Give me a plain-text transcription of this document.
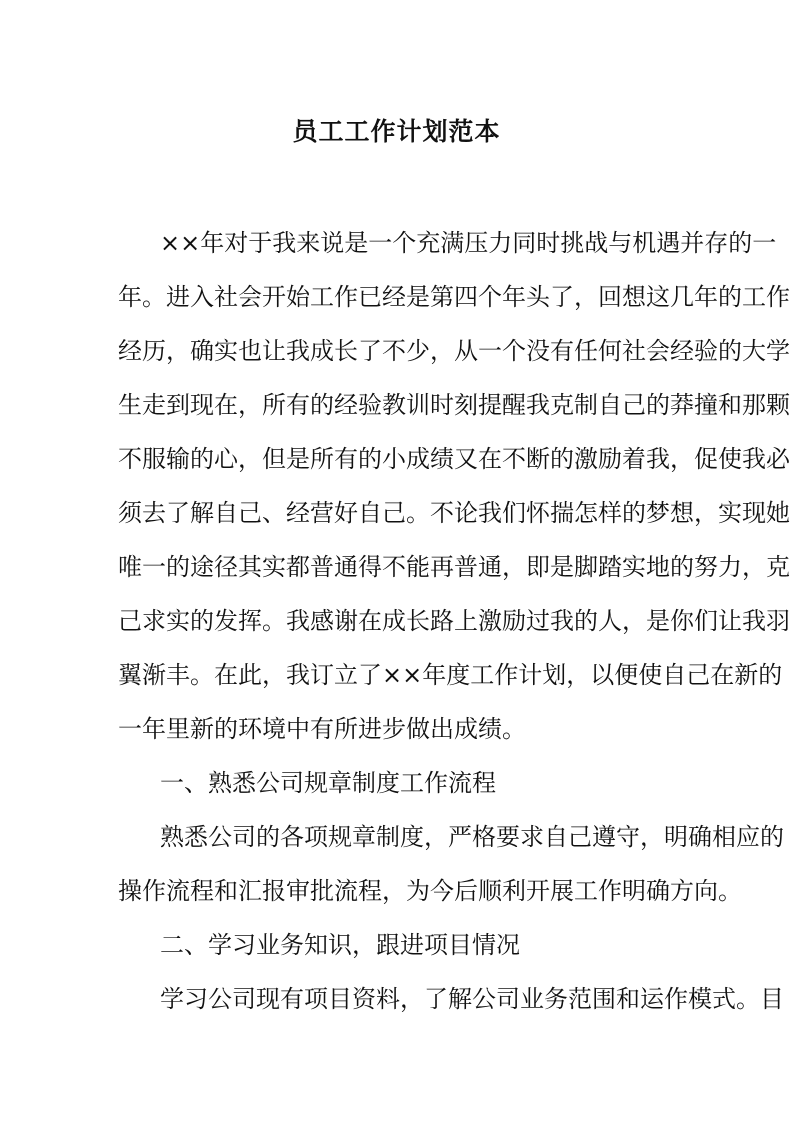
员工工作计划范本
××年对于我来说是一个充满压力同时挑战与机遇并存的一
年。进入社会开始工作已经是第四个年头了，回想这几年的工作
经历，确实也让我成长了不少，从一个没有任何社会经验的大学
生走到现在，所有的经验教训时刻提醒我克制自己的莽撞和那颗
不服输的心，但是所有的小成绩又在不断的激励着我，促使我必
须去了解自己、经营好自己。不论我们怀揣怎样的梦想，实现她
唯一的途径其实都普通得不能再普通，即是脚踏实地的努力，克
己求实的发挥。我感谢在成长路上激励过我的人，是你们让我羽
翼渐丰。在此，我订立了××年度工作计划，以便使自己在新的
一年里新的环境中有所进步做出成绩。
一、熟悉公司规章制度工作流程
熟悉公司的各项规章制度，严格要求自己遵守，明确相应的
操作流程和汇报审批流程，为今后顺利开展工作明确方向。
二、学习业务知识，跟进项目情况
学习公司现有项目资料，了解公司业务范围和运作模式。目
